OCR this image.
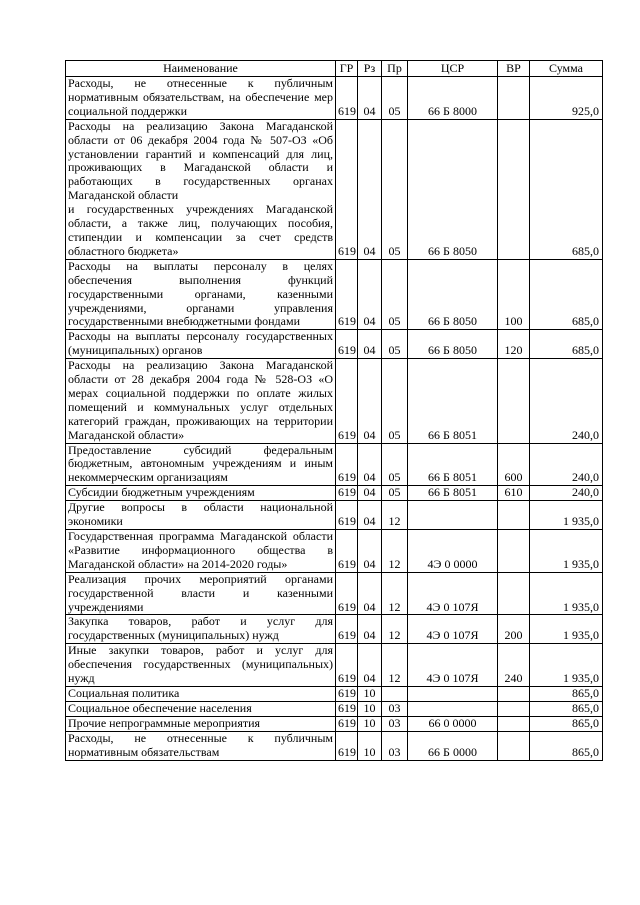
Наименование	ГР	Рз	Пр	ЦСР	ВР	Сумма
Расходы, не отнесенные к публичным нормативным обязательствам, на обеспечение мер социальной поддержки	619	04	05	66 Б 8000		925,0
Расходы на реализацию Закона Магаданской области от 06 декабря 2004 года № 507-ОЗ «Об установлении гарантий и компенсаций для лиц, проживающих в Магаданской области и работающих в государственных органах Магаданской области
и государственных учреждениях Магаданской области, а также лиц, получающих пособия, стипендии и компенсации за счет средств областного бюджета»	619	04	05	66 Б 8050		685,0
Расходы на выплаты персоналу в целях обеспечения выполнения функций государственными органами, казенными учреждениями, органами управления государственными внебюджетными фондами	619	04	05	66 Б 8050	100	685,0
Расходы на выплаты персоналу государственных (муниципальных) органов	619	04	05	66 Б 8050	120	685,0
Расходы на реализацию Закона Магаданской области от 28 декабря 2004 года № 528-ОЗ «О мерах социальной поддержки по оплате жилых помещений и коммунальных услуг отдельных категорий граждан, проживающих на территории Магаданской области»	619	04	05	66 Б 8051		240,0
Предоставление субсидий федеральным бюджетным, автономным учреждениям и иным некоммерческим организациям	619	04	05	66 Б 8051	600	240,0
Субсидии бюджетным учреждениям	619	04	05	66 Б 8051	610	240,0
Другие вопросы в области национальной экономики	619	04	12			1 935,0
Государственная программа Магаданской области «Развитие информационного общества в Магаданской области» на 2014-2020 годы»	619	04	12	4Э 0 0000		1 935,0
Реализация прочих мероприятий органами государственной власти и казенными учреждениями	619	04	12	4Э 0 107Я		1 935,0
Закупка товаров, работ и услуг для государственных (муниципальных) нужд	619	04	12	4Э 0 107Я	200	1 935,0
Иные закупки товаров, работ и услуг для обеспечения государственных (муниципальных) нужд	619	04	12	4Э 0 107Я	240	1 935,0
Социальная политика	619	10				865,0
Социальное обеспечение населения	619	10	03			865,0
Прочие непрограммные мероприятия	619	10	03	66 0 0000		865,0
Расходы, не отнесенные к публичным нормативным обязательствам	619	10	03	66 Б 0000		865,0
